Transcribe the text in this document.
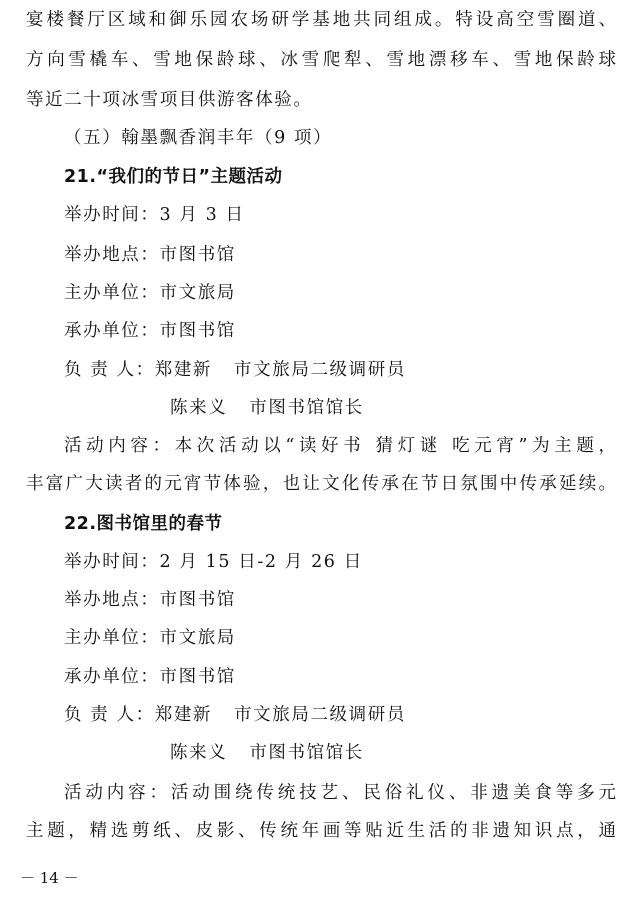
宴楼餐厅区域和御乐园农场研学基地共同组成。特设高空雪圈道、
方向雪橇车、雪地保龄球、冰雪爬犁、雪地漂移车、雪地保龄球
等近二十项冰雪项目供游客体验。
（五）翰墨飘香润丰年（9 项）
21.“我们的节日”主题活动
举办时间：3 月 3 日
举办地点：市图书馆
主办单位：市文旅局
承办单位：市图书馆
负 责 人：郑建新 市文旅局二级调研员
陈来义 市图书馆馆长
活动内容：本次活动以“读好书 猜灯谜 吃元宵”为主题，
丰富广大读者的元宵节体验，也让文化传承在节日氛围中传承延续。
22.图书馆里的春节
举办时间：2 月 15 日-2 月 26 日
举办地点：市图书馆
主办单位：市文旅局
承办单位：市图书馆
负 责 人：郑建新 市文旅局二级调研员
陈来义 市图书馆馆长
活动内容：活动围绕传统技艺、民俗礼仪、非遗美食等多元
主题，精选剪纸、皮影、传统年画等贴近生活的非遗知识点，通
－ 14 －
